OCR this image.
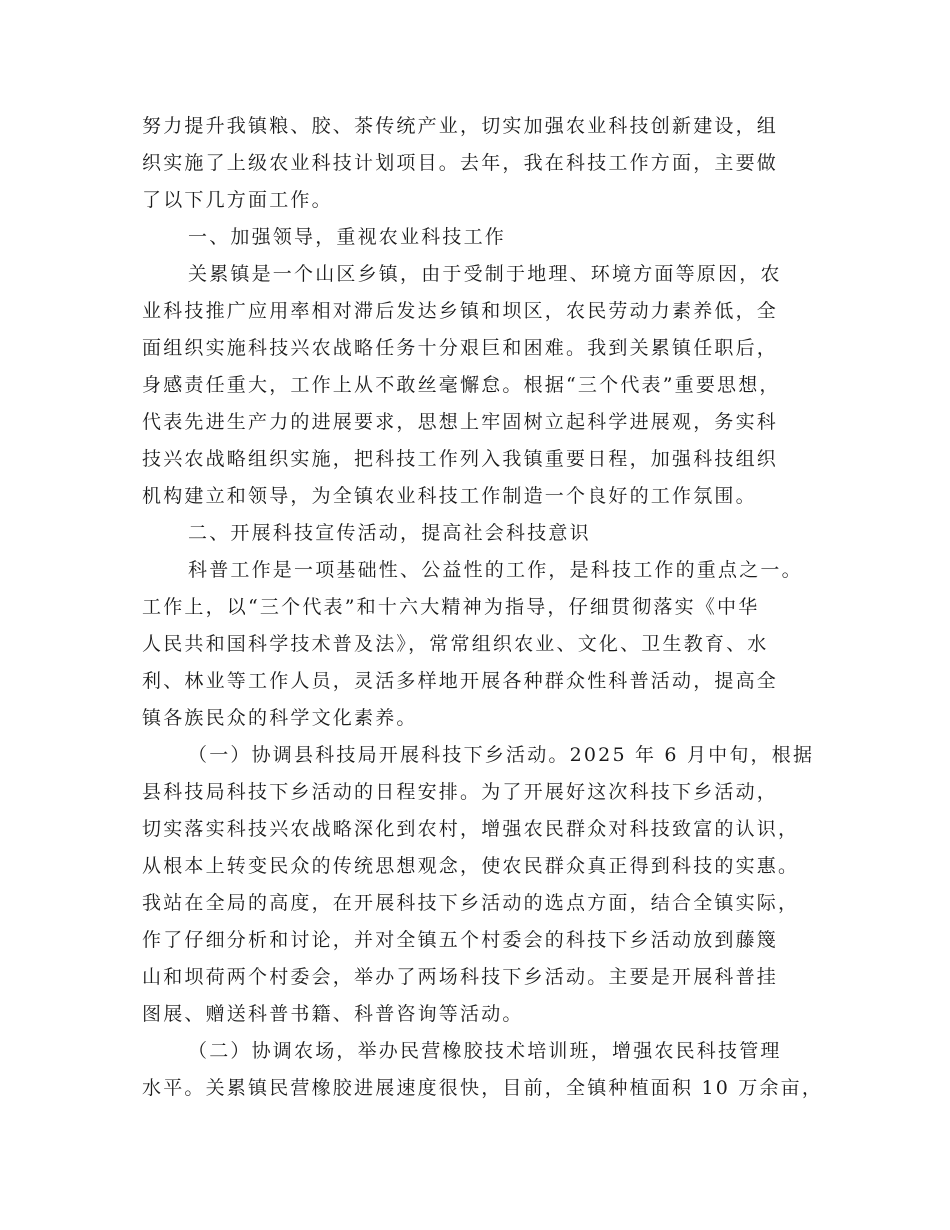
努力提升我镇粮、胶、茶传统产业，切实加强农业科技创新建设，组
织实施了上级农业科技计划项目。去年，我在科技工作方面，主要做
了以下几方面工作。
一、加强领导，重视农业科技工作
关累镇是一个山区乡镇，由于受制于地理、环境方面等原因，农
业科技推广应用率相对滞后发达乡镇和坝区，农民劳动力素养低，全
面组织实施科技兴农战略任务十分艰巨和困难。我到关累镇任职后，
身感责任重大，工作上从不敢丝毫懈怠。根据“三个代表”重要思想，
代表先进生产力的进展要求，思想上牢固树立起科学进展观，务实科
技兴农战略组织实施，把科技工作列入我镇重要日程，加强科技组织
机构建立和领导，为全镇农业科技工作制造一个良好的工作氛围。
二、开展科技宣传活动，提高社会科技意识
科普工作是一项基础性、公益性的工作，是科技工作的重点之一。
工作上，以“三个代表”和十六大精神为指导，仔细贯彻落实《中华
人民共和国科学技术普及法》，常常组织农业、文化、卫生教育、水
利、林业等工作人员，灵活多样地开展各种群众性科普活动，提高全
镇各族民众的科学文化素养。
（一）协调县科技局开展科技下乡活动。2025 年 6 月中旬，根据
县科技局科技下乡活动的日程安排。为了开展好这次科技下乡活动，
切实落实科技兴农战略深化到农村，增强农民群众对科技致富的认识，
从根本上转变民众的传统思想观念，使农民群众真正得到科技的实惠。
我站在全局的高度，在开展科技下乡活动的选点方面，结合全镇实际，
作了仔细分析和讨论，并对全镇五个村委会的科技下乡活动放到藤篾
山和坝荷两个村委会，举办了两场科技下乡活动。主要是开展科普挂
图展、赠送科普书籍、科普咨询等活动。
（二）协调农场，举办民营橡胶技术培训班，增强农民科技管理
水平。关累镇民营橡胶进展速度很快，目前，全镇种植面积 10 万余亩，
